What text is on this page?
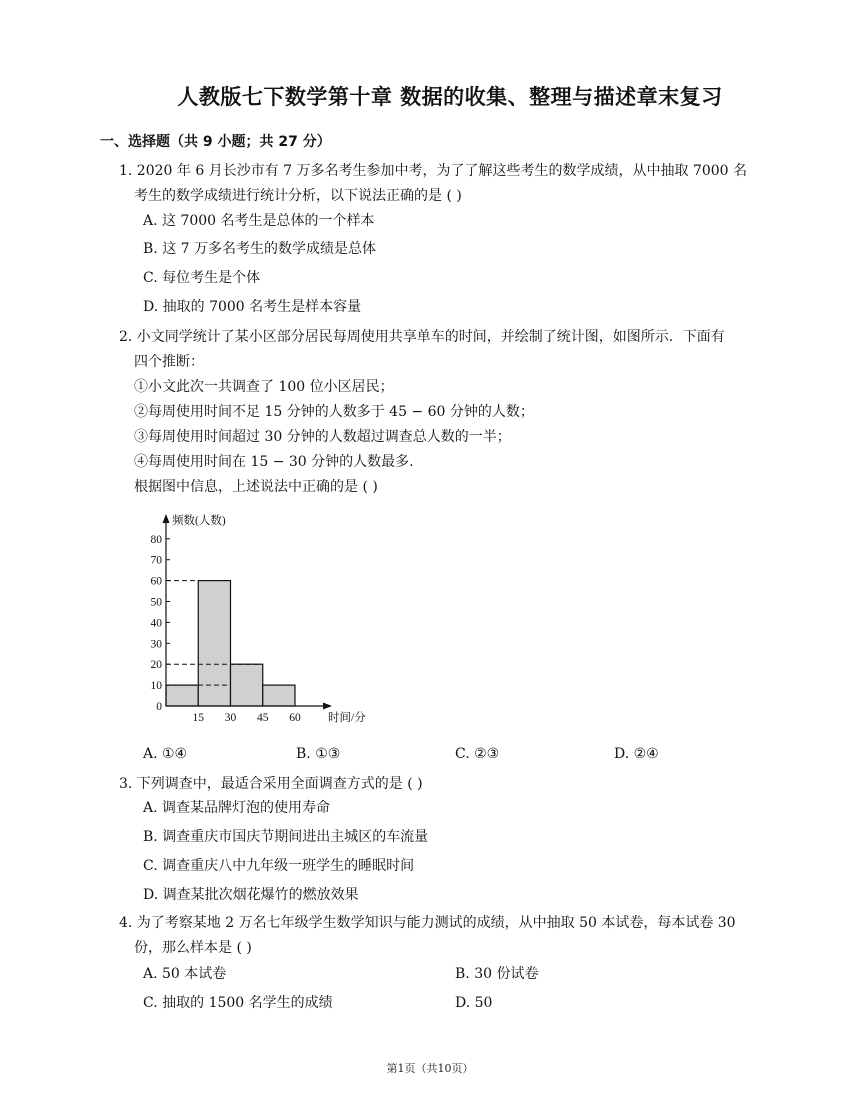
人教版七下数学第十章 数据的收集、整理与描述章末复习
一、选择题（共 9 小题；共 27 分）
1. 2020 年 6 月长沙市有 7 万多名考生参加中考，为了了解这些考生的数学成绩，从中抽取 7000 名
考生的数学成绩进行统计分析，以下说法正确的是 ( )
A. 这 7000 名考生是总体的一个样本
B. 这 7 万多名考生的数学成绩是总体
C. 每位考生是个体
D. 抽取的 7000 名考生是样本容量
2. 小文同学统计了某小区部分居民每周使用共享单车的时间，并绘制了统计图，如图所示．下面有
四个推断：
①小文此次一共调查了 100 位小区居民；
②每周使用时间不足 15 分钟的人数多于 45 − 60 分钟的人数；
③每周使用时间超过 30 分钟的人数超过调查总人数的一半；
④每周使用时间在 15 − 30 分钟的人数最多.
根据图中信息，上述说法中正确的是 ( )
0
10
20
30
40
50
60
70
80
15 30 45 60
频数(人数)
时间/分
A. ①④	B. ①③	C. ②③	D. ②④
3. 下列调查中，最适合采用全面调查方式的是 ( )
A. 调查某品牌灯泡的使用寿命
B. 调查重庆市国庆节期间进出主城区的车流量
C. 调查重庆八中九年级一班学生的睡眠时间
D. 调查某批次烟花爆竹的燃放效果
4. 为了考察某地 2 万名七年级学生数学知识与能力测试的成绩，从中抽取 50 本试卷，每本试卷 30
份，那么样本是 ( )
A. 50 本试卷	B. 30 份试卷
C. 抽取的 1500 名学生的成绩	D. 50
第1页（共10页）
